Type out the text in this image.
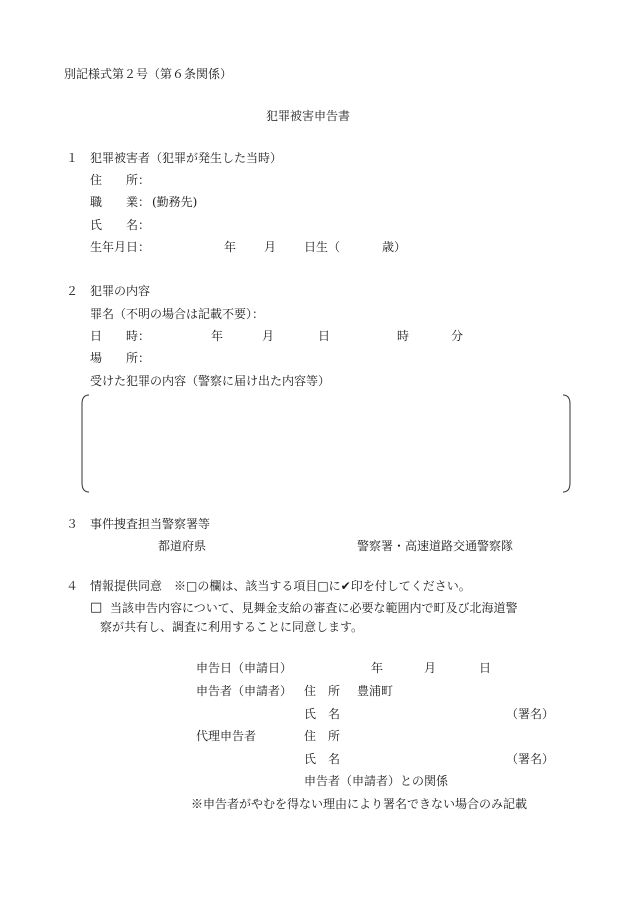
別記様式第２号（第６条関係）
犯罪被害申告書
１　犯罪被害者（犯罪が発生した当時）
住　　所：
職　　業： (勤務先)
氏　　名：
生年月日：	年 月 日生（	歳）
２　犯罪の内容
罪名（不明の場合は記載不要）：
日　　時：	年	月	日	時	分
場　　所：
受けた犯罪の内容（警察に届け出た内容等）
３　事件捜査担当警察署等
都道府県	警察署・高速道路交通警察隊
４　情報提供同意　※□の欄は、該当する項目□に✔印を付してください。
□ 当該申告内容について、見舞金支給の審査に必要な範囲内で町及び北海道警
察が共有し、調査に利用することに同意します。
申告日（申請日）	年	月	日
申告者（申請者） 住　所 豊浦町
氏　名	（署名）
代理申告者	住　所
氏　名	（署名）
申告者（申請者）との関係
※申告者がやむを得ない理由により署名できない場合のみ記載
